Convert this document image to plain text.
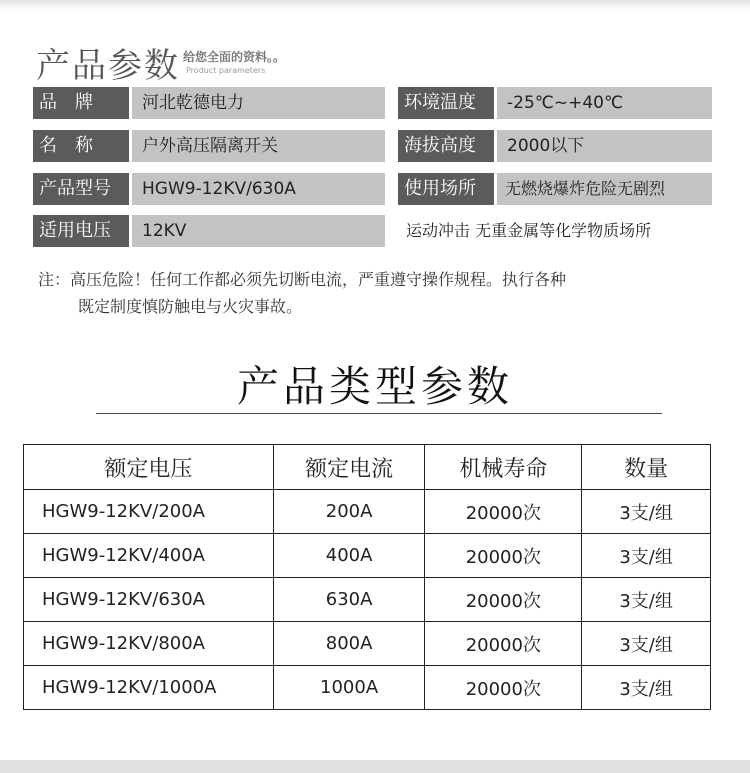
产品参数 给您全面的资料。。
Product parameters
品　牌	河北乾德电力
名　称	户外高压隔离开关
产品型号	HGW9-12KV/630A
适用电压	12KV
环境温度	-25℃~+40℃
海拔高度	2000以下
使用场所	无燃烧爆炸危险无剧烈
运动冲击 无重金属等化学物质场所
注：高压危险！任何工作都必须先切断电流，严重遵守操作规程。执行各种
既定制度慎防触电与火灾事故。
产品类型参数
额定电压	额定电流	机械寿命	数量
HGW9-12KV/200A	200A	20000次	3支/组
HGW9-12KV/400A	400A	20000次	3支/组
HGW9-12KV/630A	630A	20000次	3支/组
HGW9-12KV/800A	800A	20000次	3支/组
HGW9-12KV/1000A	1000A	20000次	3支/组
